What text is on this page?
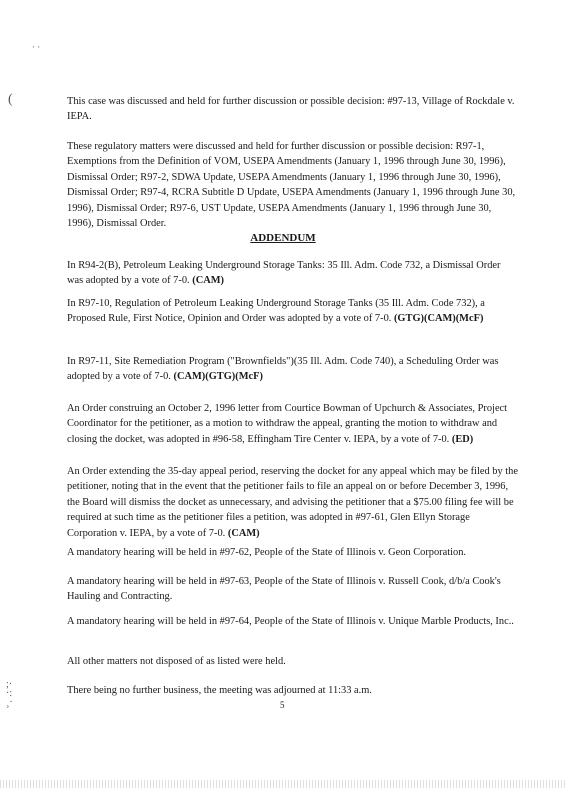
· ·
(	This case was discussed and held for further discussion or possible decision: #97-13, Village of Rockdale v. IEPA.
These regulatory matters were discussed and held for further discussion or possible decision: R97-1, Exemptions from the Definition of VOM, USEPA Amendments (January 1, 1996 through June 30, 1996), Dismissal Order; R97-2, SDWA Update, USEPA Amendments (January 1, 1996 through June 30, 1996), Dismissal Order; R97-4, RCRA Subtitle D Update, USEPA Amendments (January 1, 1996 through June 30, 1996), Dismissal Order; R97-6, UST Update, USEPA Amendments (January 1, 1996 through June 30, 1996), Dismissal Order.
ADDENDUM
In R94-2(B), Petroleum Leaking Underground Storage Tanks: 35 Ill. Adm. Code 732, a Dismissal Order was adopted by a vote of 7-0. (CAM)
In R97-10, Regulation of Petroleum Leaking Underground Storage Tanks (35 Ill. Adm. Code 732), a Proposed Rule, First Notice, Opinion and Order was adopted by a vote of 7-0. (GTG)(CAM)(McF)
In R97-11, Site Remediation Program ("Brownfields")(35 Ill. Adm. Code 740), a Scheduling Order was adopted by a vote of 7-0. (CAM)(GTG)(McF)
An Order construing an October 2, 1996 letter from Courtice Bowman of Upchurch & Associates, Project Coordinator for the petitioner, as a motion to withdraw the appeal, granting the motion to withdraw and closing the docket, was adopted in #96-58, Effingham Tire Center v. IEPA, by a vote of 7-0. (ED)
An Order extending the 35-day appeal period, reserving the docket for any appeal which may be filed by the petitioner, noting that in the event that the petitioner fails to file an appeal on or before December 3, 1996, the Board will dismiss the docket as unnecessary, and advising the petitioner that a $75.00 filing fee will be required at such time as the petitioner files a petition, was adopted in #97-61, Glen Ellyn Storage Corporation v. IEPA, by a vote of 7-0. (CAM)
A mandatory hearing will be held in #97-62, People of the State of Illinois v. Geon Corporation.
A mandatory hearing will be held in #97-63, People of the State of Illinois v. Russell Cook, d/b/a Cook's Hauling and Contracting.
A mandatory hearing will be held in #97-64, People of the State of Illinois v. Unique Marble Products, Inc..
All other matters not disposed of as listed were held.
There being no further business, the meeting was adjourned at 11:33 a.m.
;·
·:
¸·	5
